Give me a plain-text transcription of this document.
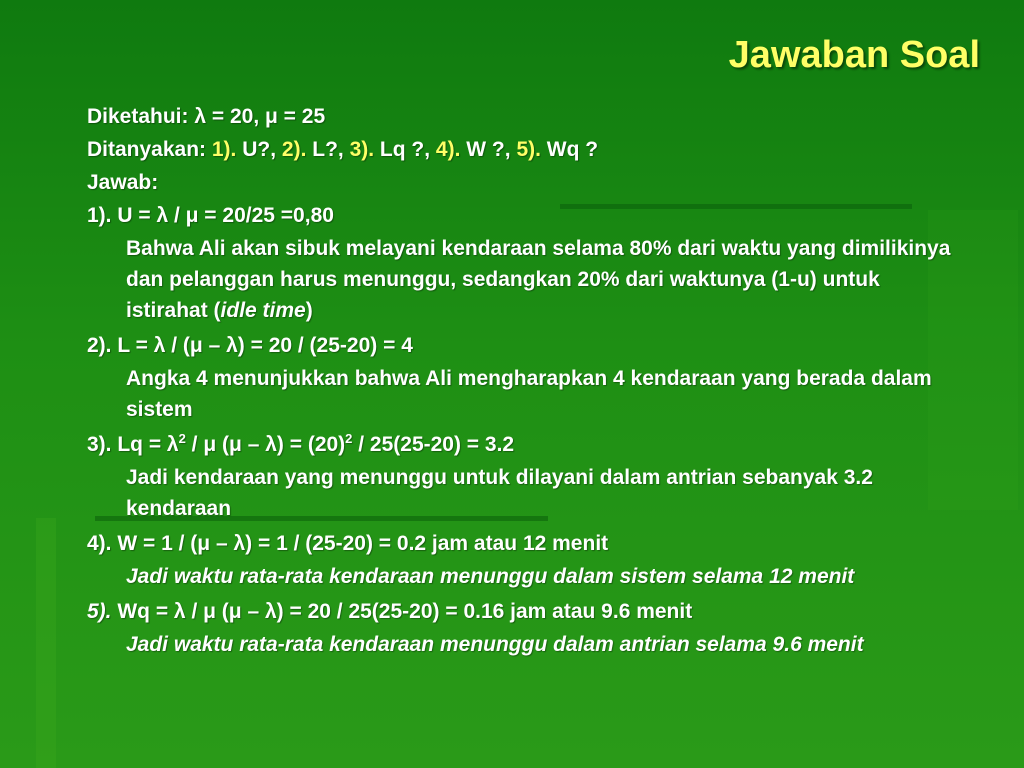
Jawaban Soal
Diketahui: λ = 20, μ = 25
Ditanyakan: 1). U?, 2). L?, 3). Lq ?, 4). W ?, 5). Wq ?
Jawab:
1). U = λ / μ = 20/25 =0,80
Bahwa Ali akan sibuk melayani kendaraan selama 80% dari waktu yang dimilikinya dan pelanggan harus menunggu, sedangkan 20% dari waktunya (1-u) untuk istirahat (idle time)
2). L = λ / (μ – λ) = 20 / (25-20) = 4
Angka 4 menunjukkan bahwa Ali mengharapkan 4 kendaraan yang berada dalam sistem
3). $Lq = \lambda^2 / \mu$ $(\mu - \lambda) = (20)^2 / 25(25-20) = 3.2$
Jadi kendaraan yang menunggu untuk dilayani dalam antrian sebanyak 3.2 kendaraan
4). W = 1 / (μ – λ) = 1 / (25-20) = 0.2 jam atau 12 menit
Jadi waktu rata-rata kendaraan menunggu dalam sistem selama 12 menit
5). Wq = λ / μ (μ – λ) = 20 / 25(25-20) = 0.16 jam atau 9.6 menit
Jadi waktu rata-rata kendaraan menunggu dalam antrian selama 9.6 menit
